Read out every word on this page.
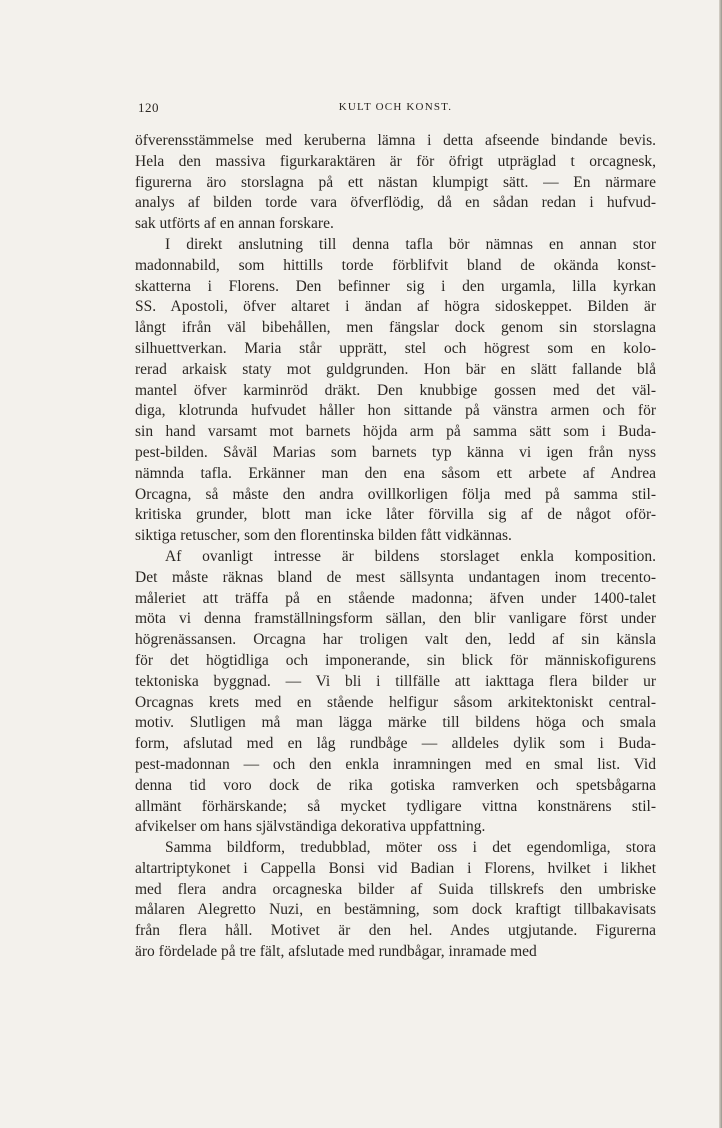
120	KULT OCH KONST.
öfverensstämmelse med keruberna lämna i detta afseende bindande bevis.
Hela den massiva figurkaraktären är för öfrigt utpräglad t orcagnesk,
figurerna äro storslagna på ett nästan klumpigt sätt. — En närmare
analys af bilden torde vara öfverflödig, då en sådan redan i hufvud-
sak utförts af en annan forskare.
I direkt anslutning till denna tafla bör nämnas en annan stor
madonnabild, som hittills torde förblifvit bland de okända konst-
skatterna i Florens. Den befinner sig i den urgamla, lilla kyrkan
SS. Apostoli, öfver altaret i ändan af högra sidoskeppet. Bilden är
långt ifrån väl bibehållen, men fängslar dock genom sin storslagna
silhuettverkan. Maria står upprätt, stel och högrest som en kolo-
rerad arkaisk staty mot guldgrunden. Hon bär en slätt fallande blå
mantel öfver karminröd dräkt. Den knubbige gossen med det väl-
diga, klotrunda hufvudet håller hon sittande på vänstra armen och för
sin hand varsamt mot barnets höjda arm på samma sätt som i Buda-
pest-bilden. Såväl Marias som barnets typ känna vi igen från nyss
nämnda tafla. Erkänner man den ena såsom ett arbete af Andrea
Orcagna, så måste den andra ovillkorligen följa med på samma stil-
kritiska grunder, blott man icke låter förvilla sig af de något oför-
siktiga retuscher, som den florentinska bilden fått vidkännas.
Af ovanligt intresse är bildens storslaget enkla komposition.
Det måste räknas bland de mest sällsynta undantagen inom trecento-
måleriet att träffa på en stående madonna; äfven under 1400-talet
möta vi denna framställningsform sällan, den blir vanligare först under
högrenässansen. Orcagna har troligen valt den, ledd af sin känsla
för det högtidliga och imponerande, sin blick för människofigurens
tektoniska byggnad. — Vi bli i tillfälle att iakttaga flera bilder ur
Orcagnas krets med en stående helfigur såsom arkitektoniskt central-
motiv. Slutligen må man lägga märke till bildens höga och smala
form, afslutad med en låg rundbåge — alldeles dylik som i Buda-
pest-madonnan — och den enkla inramningen med en smal list. Vid
denna tid voro dock de rika gotiska ramverken och spetsbågarna
allmänt förhärskande; så mycket tydligare vittna konstnärens stil-
afvikelser om hans självständiga dekorativa uppfattning.
Samma bildform, tredubblad, möter oss i det egendomliga, stora
altartriptykonet i Cappella Bonsi vid Badian i Florens, hvilket i likhet
med flera andra orcagneska bilder af Suida tillskrefs den umbriske
målaren Alegretto Nuzi, en bestämning, som dock kraftigt tillbakavisats
från flera håll. Motivet är den hel. Andes utgjutande. Figurerna
äro fördelade på tre fält, afslutade med rundbågar, inramade med
